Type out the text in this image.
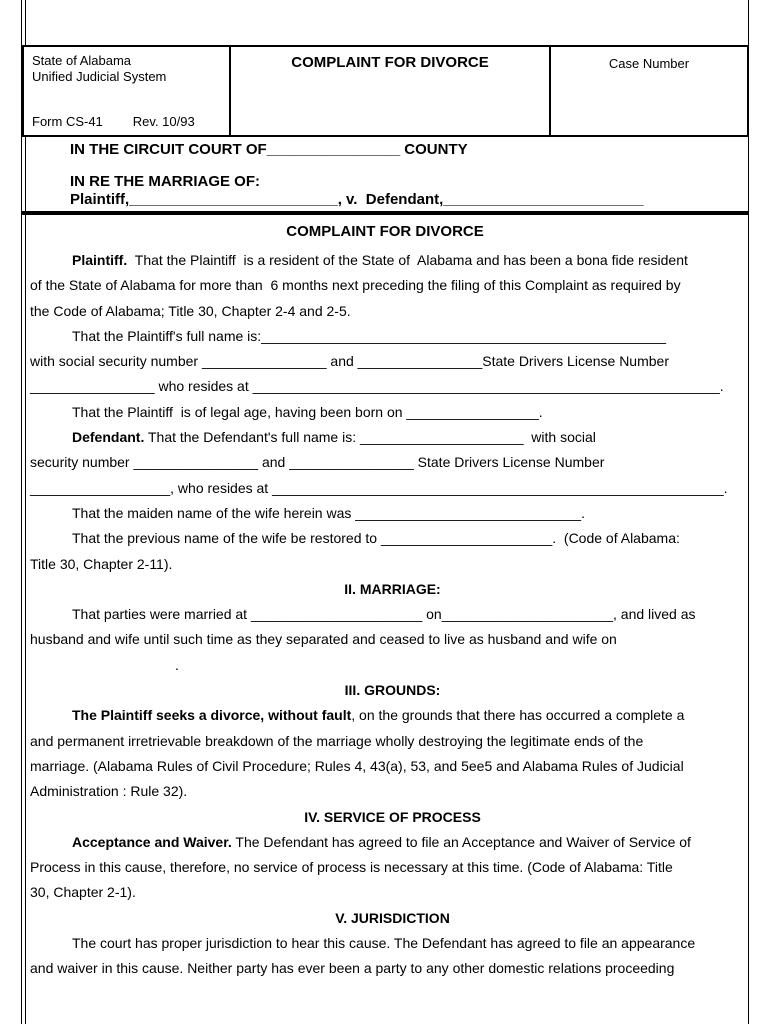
State of Alabama
Unified Judicial System
Form CS-41 Rev. 10/93
COMPLAINT FOR DIVORCE	Case Number
IN THE CIRCUIT COURT OF________________ COUNTY
IN RE THE MARRIAGE OF:
Plaintiff,_________________________, v.  Defendant,________________________
COMPLAINT FOR DIVORCE
Plaintiff.  That the Plaintiff  is a resident of the State of  Alabama and has been a bona fide resident
of the State of Alabama for more than  6 months next preceding the filing of this Complaint as required by
the Code of Alabama; Title 30, Chapter 2-4 and 2-5.
That the Plaintiff's full name is:____________________________________________________
with social security number ________________ and ________________State Drivers License Number
________________ who resides at ____________________________________________________________.
That the Plaintiff  is of legal age, having been born on _________________.
Defendant. That the Defendant's full name is: _____________________  with social
security number ________________ and ________________ State Drivers License Number
__________________, who resides at __________________________________________________________.
That the maiden name of the wife herein was _____________________________.
That the previous name of the wife be restored to ______________________.  (Code of Alabama:
Title 30, Chapter 2-11).
II. MARRIAGE:
That parties were married at ______________________ on______________________, and lived as
husband and wife until such time as they separated and ceased to live as husband and wife on
.
III. GROUNDS:
The Plaintiff seeks a divorce, without fault, on the grounds that there has occurred a complete a
and permanent irretrievable breakdown of the marriage wholly destroying the legitimate ends of the
marriage. (Alabama Rules of Civil Procedure; Rules 4, 43(a), 53, and 5ee5 and Alabama Rules of Judicial
Administration : Rule 32).
IV. SERVICE OF PROCESS
Acceptance and Waiver. The Defendant has agreed to file an Acceptance and Waiver of Service of
Process in this cause, therefore, no service of process is necessary at this time. (Code of Alabama: Title
30, Chapter 2-1).
V. JURISDICTION
The court has proper jurisdiction to hear this cause. The Defendant has agreed to file an appearance
and waiver in this cause. Neither party has ever been a party to any other domestic relations proceeding
